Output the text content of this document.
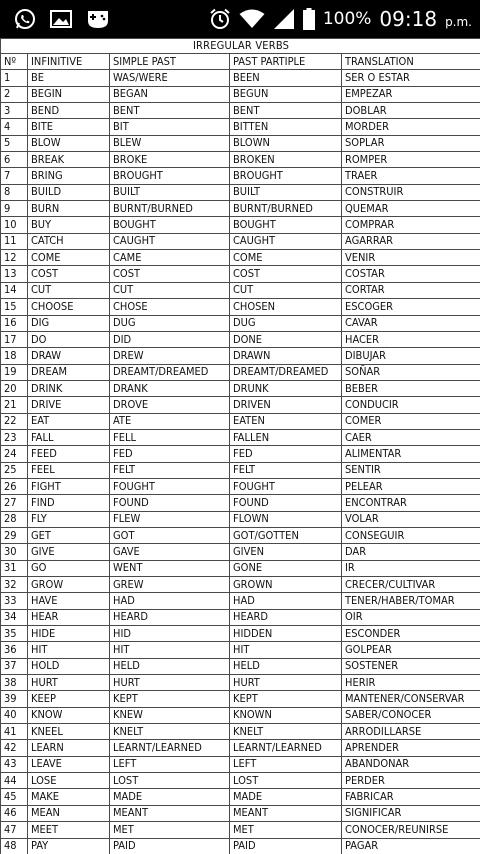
100% 09:18 p.m.
IRREGULAR VERBS				
Nº	INFINITIVE	SIMPLE PAST	PAST PARTIPLE	TRANSLATION
1	BE	WAS/WERE	BEEN	SER O ESTAR
2	BEGIN	BEGAN	BEGUN	EMPEZAR
3	BEND	BENT	BENT	DOBLAR
4	BITE	BIT	BITTEN	MORDER
5	BLOW	BLEW	BLOWN	SOPLAR
6	BREAK	BROKE	BROKEN	ROMPER
7	BRING	BROUGHT	BROUGHT	TRAER
8	BUILD	BUILT	BUILT	CONSTRUIR
9	BURN	BURNT/BURNED	BURNT/BURNED	QUEMAR
10	BUY	BOUGHT	BOUGHT	COMPRAR
11	CATCH	CAUGHT	CAUGHT	AGARRAR
12	COME	CAME	COME	VENIR
13	COST	COST	COST	COSTAR
14	CUT	CUT	CUT	CORTAR
15	CHOOSE	CHOSE	CHOSEN	ESCOGER
16	DIG	DUG	DUG	CAVAR
17	DO	DID	DONE	HACER
18	DRAW	DREW	DRAWN	DIBUJAR
19	DREAM	DREAMT/DREAMED	DREAMT/DREAMED	SOÑAR
20	DRINK	DRANK	DRUNK	BEBER
21	DRIVE	DROVE	DRIVEN	CONDUCIR
22	EAT	ATE	EATEN	COMER
23	FALL	FELL	FALLEN	CAER
24	FEED	FED	FED	ALIMENTAR
25	FEEL	FELT	FELT	SENTIR
26	FIGHT	FOUGHT	FOUGHT	PELEAR
27	FIND	FOUND	FOUND	ENCONTRAR
28	FLY	FLEW	FLOWN	VOLAR
29	GET	GOT	GOT/GOTTEN	CONSEGUIR
30	GIVE	GAVE	GIVEN	DAR
31	GO	WENT	GONE	IR
32	GROW	GREW	GROWN	CRECER/CULTIVAR
33	HAVE	HAD	HAD	TENER/HABER/TOMAR
34	HEAR	HEARD	HEARD	OIR
35	HIDE	HID	HIDDEN	ESCONDER
36	HIT	HIT	HIT	GOLPEAR
37	HOLD	HELD	HELD	SOSTENER
38	HURT	HURT	HURT	HERIR
39	KEEP	KEPT	KEPT	MANTENER/CONSERVAR
40	KNOW	KNEW	KNOWN	SABER/CONOCER
41	KNEEL	KNELT	KNELT	ARRODILLARSE
42	LEARN	LEARNT/LEARNED	LEARNT/LEARNED	APRENDER
43	LEAVE	LEFT	LEFT	ABANDONAR
44	LOSE	LOST	LOST	PERDER
45	MAKE	MADE	MADE	FABRICAR
46	MEAN	MEANT	MEANT	SIGNIFICAR
47	MEET	MET	MET	CONOCER/REUNIRSE
48	PAY	PAID	PAID	PAGAR
